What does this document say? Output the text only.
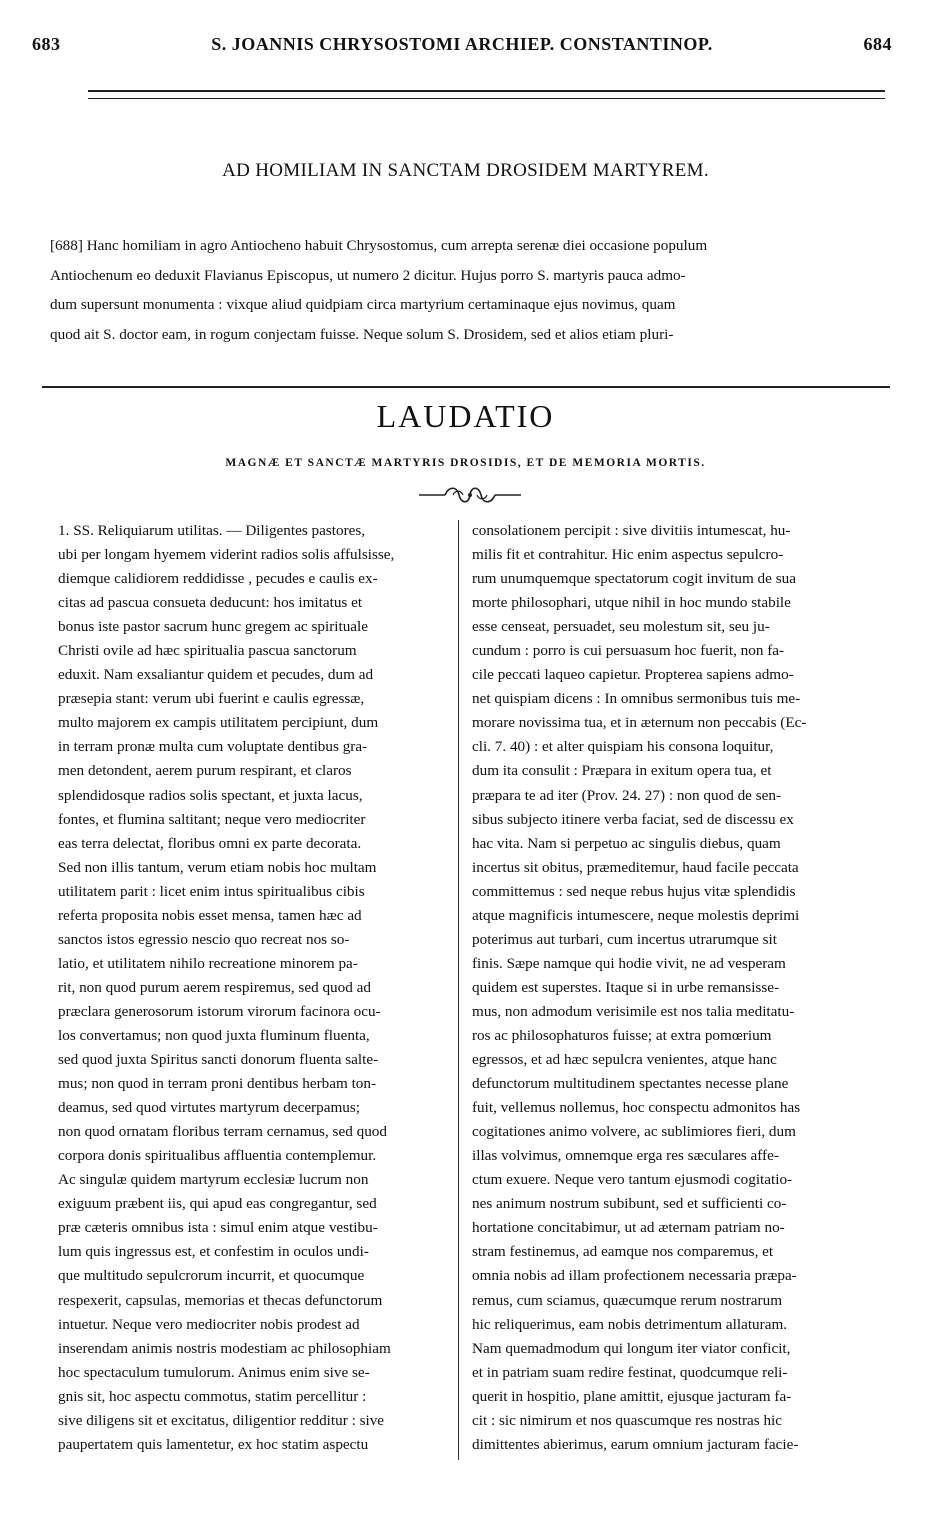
683	S. JOANNIS CHRYSOSTOMI ARCHIEP. CONSTANTINOP.	684
AD HOMILIAM IN SANCTAM DROSIDEM MARTYREM.
[688] Hanc homiliam in agro Antiocheno habuit Chrysostomus, cum arrepta serenæ diei occasione populum
Antiochenum eo deduxit Flavianus Episcopus, ut numero 2 dicitur. Hujus porro S. martyris pauca admo-
dum supersunt monumenta : vixque aliud quidpiam circa martyrium certaminaque ejus novimus, quam
quod ait S. doctor eam, in rogum conjectam fuisse. Neque solum S. Drosidem, sed et alios etiam pluri-
LAUDATIO
MAGNÆ ET SANCTÆ MARTYRIS DROSIDIS, ET DE MEMORIA MORTIS.
1. SS. Reliquiarum utilitas. — Diligentes pastores,
ubi per longam hyemem viderint radios solis affulsisse,
diemque calidiorem reddidisse , pecudes e caulis ex-
citas ad pascua consueta deducunt: hos imitatus et
bonus iste pastor sacrum hunc gregem ac spirituale
Christi ovile ad hæc spiritualia pascua sanctorum
eduxit. Nam exsaliantur quidem et pecudes, dum ad
præsepia stant: verum ubi fuerint e caulis egressæ,
multo majorem ex campis utilitatem percipiunt, dum
in terram pronæ multa cum voluptate dentibus gra-
men detondent, aerem purum respirant, et claros
splendidosque radios solis spectant, et juxta lacus,
fontes, et flumina saltitant; neque vero mediocriter
eas terra delectat, floribus omni ex parte decorata.
Sed non illis tantum, verum etiam nobis hoc multam
utilitatem parit : licet enim intus spiritualibus cibis
referta proposita nobis esset mensa, tamen hæc ad
sanctos istos egressio nescio quo recreat nos so-
latio, et utilitatem nihilo recreatione minorem pa-
rit, non quod purum aerem respiremus, sed quod ad
præclara generosorum istorum virorum facinora ocu-
los convertamus; non quod juxta fluminum fluenta,
sed quod juxta Spiritus sancti donorum fluenta salte-
mus; non quod in terram proni dentibus herbam ton-
deamus, sed quod virtutes martyrum decerpamus;
non quod ornatam floribus terram cernamus, sed quod
corpora donis spiritualibus affluentia contemplemur.
Ac singulæ quidem martyrum ecclesiæ lucrum non
exiguum præbent iis, qui apud eas congregantur, sed
præ cæteris omnibus ista : simul enim atque vestibu-
lum quis ingressus est, et confestim in oculos undi-
que multitudo sepulcrorum incurrit, et quocumque
respexerit, capsulas, memorias et thecas defunctorum
intuetur. Neque vero mediocriter nobis prodest ad
inserendam animis nostris modestiam ac philosophiam
hoc spectaculum tumulorum. Animus enim sive se-
gnis sit, hoc aspectu commotus, statim percellitur :
sive diligens sit et excitatus, diligentior redditur : sive
paupertatem quis lamentetur, ex hoc statim aspectu
consolationem percipit : sive divitiis intumescat, hu-
milis fit et contrahitur. Hic enim aspectus sepulcro-
rum unumquemque spectatorum cogit invitum de sua
morte philosophari, utque nihil in hoc mundo stabile
esse censeat, persuadet, seu molestum sit, seu ju-
cundum : porro is cui persuasum hoc fuerit, non fa-
cile peccati laqueo capietur. Propterea sapiens admo-
net quispiam dicens : In omnibus sermonibus tuis me-
morare novissima tua, et in æternum non peccabis (Ec-
cli. 7. 40) : et alter quispiam his consona loquitur,
dum ita consulit : Præpara in exitum opera tua, et
præpara te ad iter (Prov. 24. 27) : non quod de sen-
sibus subjecto itinere verba faciat, sed de discessu ex
hac vita. Nam si perpetuo ac singulis diebus, quam
incertus sit obitus, præmeditemur, haud facile peccata
committemus : sed neque rebus hujus vitæ splendidis
atque magnificis intumescere, neque molestis deprimi
poterimus aut turbari, cum incertus utrarumque sit
finis. Sæpe namque qui hodie vivit, ne ad vesperam
quidem est superstes. Itaque si in urbe remansisse-
mus, non admodum verisimile est nos talia meditatu-
ros ac philosophaturos fuisse; at extra pomœrium
egressos, et ad hæc sepulcra venientes, atque hanc
defunctorum multitudinem spectantes necesse plane
fuit, vellemus nollemus, hoc conspectu admonitos has
cogitationes animo volvere, ac sublimiores fieri, dum
illas volvimus, omnemque erga res sæculares affe-
ctum exuere. Neque vero tantum ejusmodi cogitatio-
nes animum nostrum subibunt, sed et sufficienti co-
hortatione concitabimur, ut ad æternam patriam no-
stram festinemus, ad eamque nos comparemus, et
omnia nobis ad illam profectionem necessaria præpa-
remus, cum sciamus, quæcumque rerum nostrarum
hic reliquerimus, eam nobis detrimentum allaturam.
Nam quemadmodum qui longum iter viator conficit,
et in patriam suam redire festinat, quodcumque reli-
querit in hospitio, plane amittit, ejusque jacturam fa-
cit : sic nimirum et nos quascumque res nostras hic
dimittentes abierimus, earum omnium jacturam facie-
